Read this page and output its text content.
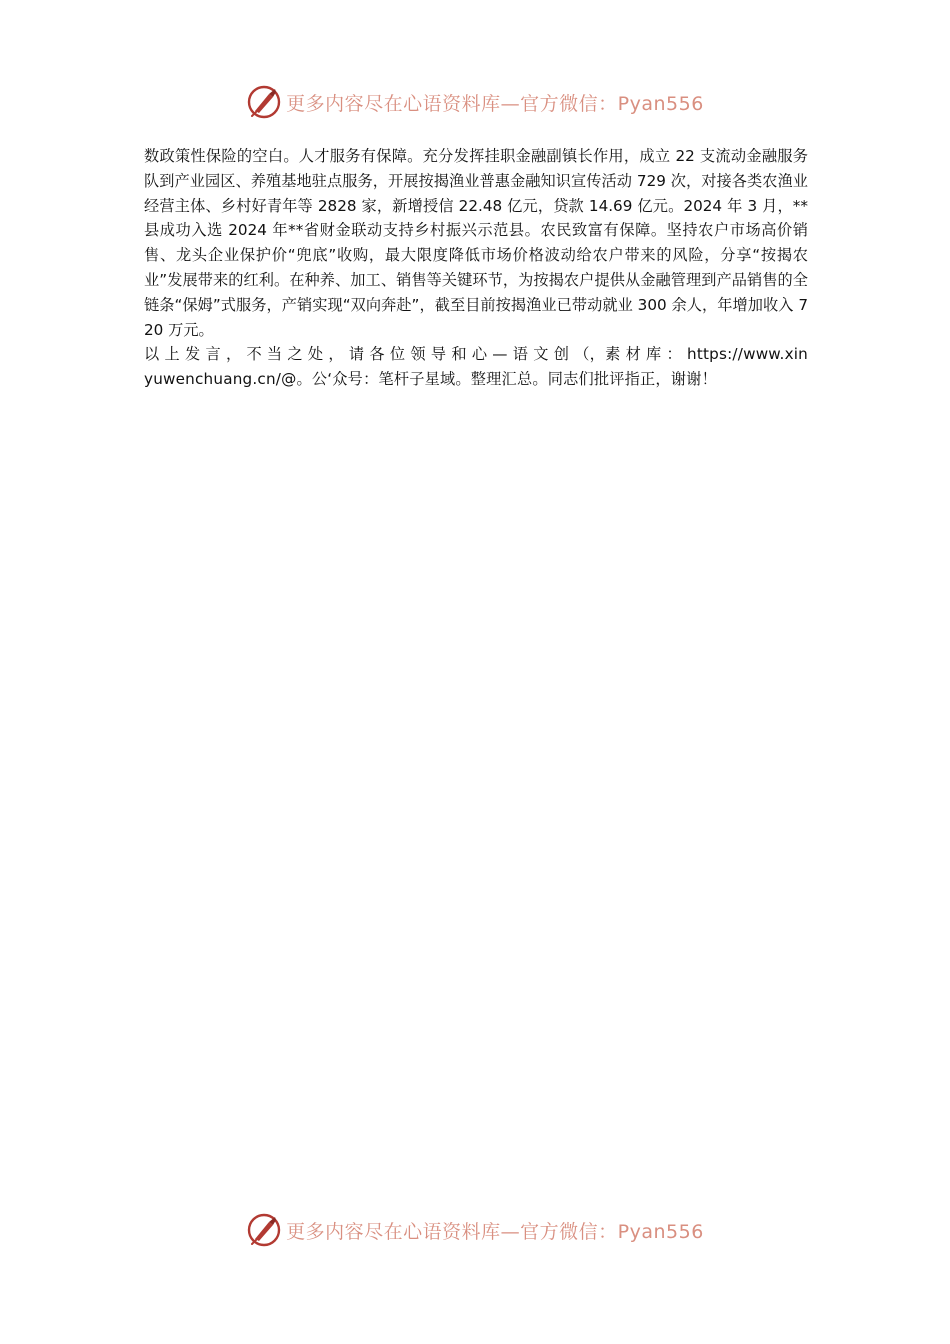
更多内容尽在心语资料库—官方微信：Pyan556

数政策性保险的空白。人才服务有保障。充分发挥挂职金融副镇长作用，成立 22 支流动金融服务队到产业园区、养殖基地驻点服务，开展按揭渔业普惠金融知识宣传活动 729 次，对接各类农渔业经营主体、乡村好青年等 2828 家，新增授信 22.48 亿元，贷款 14.69 亿元。2024 年 3 月，**县成功入选 2024 年**省财金联动支持乡村振兴示范县。农民致富有保障。坚持农户市场高价销售、龙头企业保护价“兜底”收购，最大限度降低市场价格波动给农户带来的风险，分享“按揭农业”发展带来的红利。在种养、加工、销售等关键环节，为按揭农户提供从金融管理到产品销售的全链条“保姆”式服务，产销实现“双向奔赴”，截至目前按揭渔业已带动就业 300 余人，年增加收入 720 万元。

以 上 发 言 ， 不 当 之 处 ， 请 各 位 领 导 和 心 — 语 文 创 （，素 材 库 ： https://www.xinyuwenchuang.cn/@。公‘众号：笔杆子星域。整理汇总。同志们批评指正，谢谢！

更多内容尽在心语资料库—官方微信：Pyan556
